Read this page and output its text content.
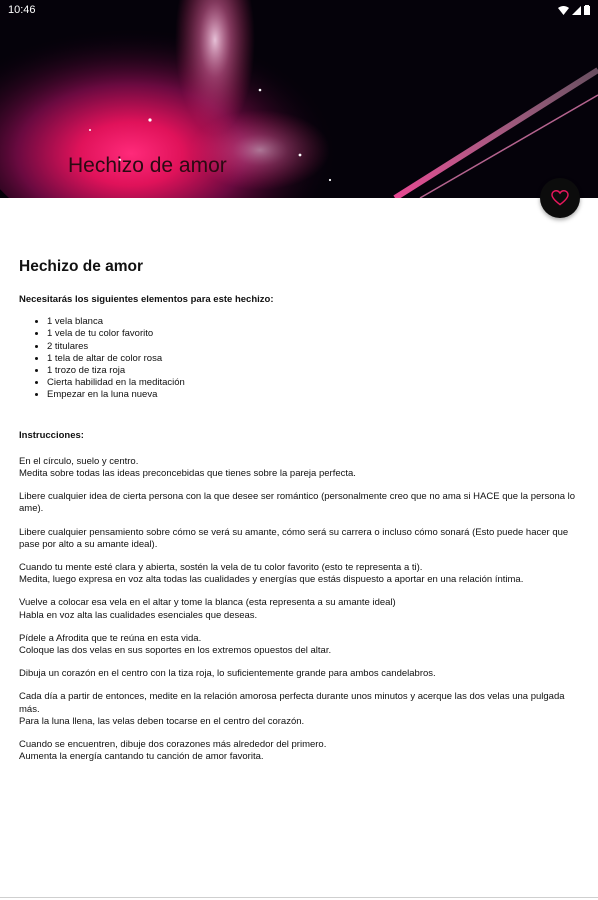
10:46
Hechizo de amor
Hechizo de amor
Necesitarás los siguientes elementos para este hechizo:
• 1 vela blanca
• 1 vela de tu color favorito
• 2 titulares
• 1 tela de altar de color rosa
• 1 trozo de tiza roja
• Cierta habilidad en la meditación
• Empezar en la luna nueva
Instrucciones:

En el círculo, suelo y centro.
Medita sobre todas las ideas preconcebidas que tienes sobre la pareja perfecta.

Libere cualquier idea de cierta persona con la que desee ser romántico (personalmente creo que no ama si HACE que la persona lo ame).

Libere cualquier pensamiento sobre cómo se verá su amante, cómo será su carrera o incluso cómo sonará (Esto puede hacer que pase por alto a su amante ideal).

Cuando tu mente esté clara y abierta, sostén la vela de tu color favorito (esto te representa a ti).
Medita, luego expresa en voz alta todas las cualidades y energías que estás dispuesto a aportar en una relación íntima.

Vuelve a colocar esa vela en el altar y tome la blanca (esta representa a su amante ideal)
Habla en voz alta las cualidades esenciales que deseas.

Pídele a Afrodita que te reúna en esta vida.
Coloque las dos velas en sus soportes en los extremos opuestos del altar.

Dibuja un corazón en el centro con la tiza roja, lo suficientemente grande para ambos candelabros.

Cada día a partir de entonces, medite en la relación amorosa perfecta durante unos minutos y acerque las dos velas una pulgada más.
Para la luna llena, las velas deben tocarse en el centro del corazón.

Cuando se encuentren, dibuje dos corazones más alrededor del primero.
Aumenta la energía cantando tu canción de amor favorita.
